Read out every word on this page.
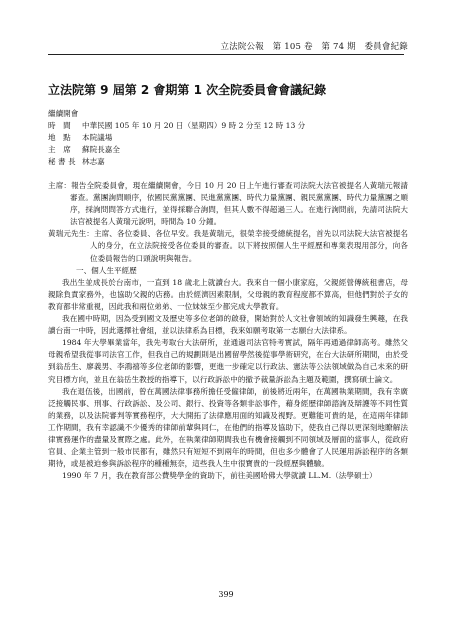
立法院公報　第 105 卷　第 74 期　委員會紀錄
立法院第 9 屆第 2 會期第 1 次全院委員會會議紀錄
繼續開會
時　間 中華民國 105 年 10 月 20 日（星期四）9 時 2 分至 12 時 13 分
地　點 本院議場
主　席 蘇院長嘉全
秘 書 長 林志嘉

主席：報告全院委員會，現在繼續開會，今日 10 月 20 日上午進行審查司法院大法官被提名人黃瑞元報請審查。黨團詢問順序，依國民黨黨團、民進黨黨團、時代力量黨團、親民黨黨團、時代力量黨團之順序，採詢問問答方式進行，並得採聯合詢問，但其人數不得超過三人。在進行詢問前，先請司法院大法官被提名人黃瑞元說明，時間為 10 分鐘。

黃瑞元先生：主席、各位委員、各位早安。我是黃瑞元，很榮幸接受總統提名，首先以司法院大法官被提名人的身分，在立法院接受各位委員的審查。以下將按照個人生平經歷和專業表現用部分，向各位委員報告的口頭說明與報告。

一、個人生平經歷

我出生並成長於台南市，一直到 18 歲北上就讀台大。我來自一個小康家庭，父親經營傳統租書店，母親除負責家務外，也協助父親的店務。由於經濟因素限制，父母親的教育程度都不算高，但他們對於子女的教育都非常重視，因此我和兩位弟弟、一位妹妹至少都完成大學教育。

我在國中時期，因為受到國文及歷史等多位老師的啟發，開始對於人文社會領域的知識發生興趣，在我讀台南一中時，因此選擇社會組，並以法律系為目標，我來如願考取第一志願台大法律系。

1984 年大學畢業當年，我先考取台大法研所，並通過司法官特考實試，隔年再通過律師高考。雖然父母親希望我從事司法官工作，但我自己的規劃則是出國留學然後從事學術研究，在台大法研所期間，由於受到翁岳生、廖義男、李鴻禧等多位老師的影響，更進一步確定以行政法、憲法等公法領域做為自己未來的研究目標方向，並且在翁岳生教授的指導下，以行政訴訟中的撤予裁量訴訟為主題及範圍，撰寫碩士論文。

我在退伍後，出國前，曾在萬國法律事務所擔任受僱律師，前後將近兩年，在萬國執業期間，我有幸廣泛接觸民事、刑事、行政訴訟、及公司、銀行、投資等各類非訟事件，藉身經歷律師諮詢及辯護等不同性質的業務，以及法院審判等實務程序，大大開拓了法律應用面的知識及視野。更難能可貴的是，在這兩年律師工作期間，我有幸認識不少優秀的律師前輩與同仁，在他們的指導及協助下，使我自己得以更深刻地瞭解法律實務運作的盡量及實際之處。此外，在執業律師期間我也有機會接觸到不同領域及層面的當事人，從政府官員、企業主管到一般市民都有，雖然只有短短不到兩年的時間，但也多少體會了人民運用訴訟程序的各類期待，或是被迫參與訴訟程序的種種無奈，這些我人生中很寶貴的一段經歷與體驗。

1990 年 7 月，我在教育部公費獎學金的資助下，前往美國哈佛大學就讀 LL.M.（法學碩士）

399
